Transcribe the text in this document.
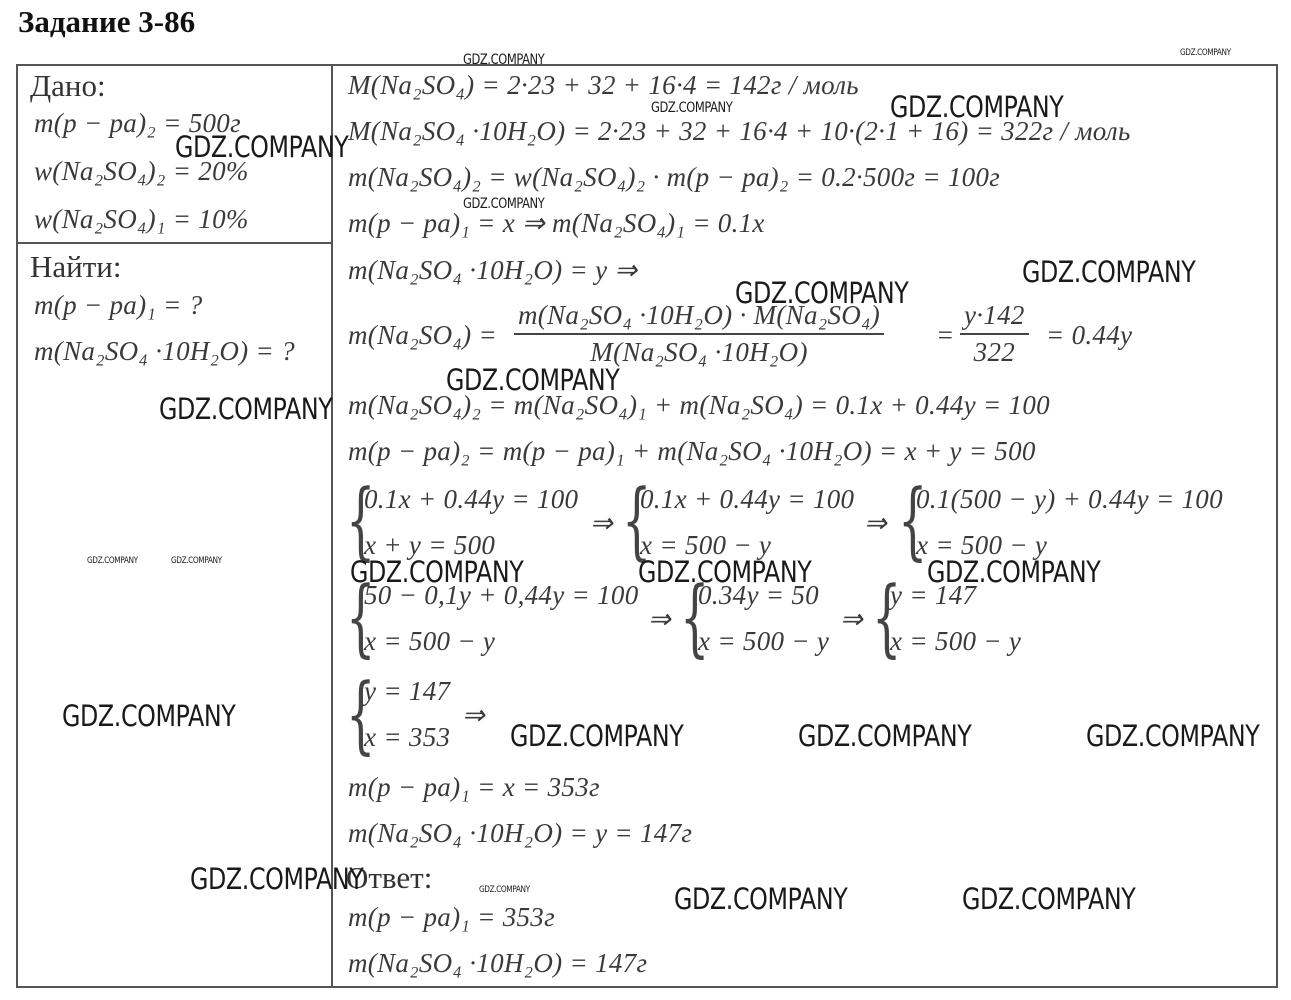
Задание 3-86
Дано:
m(p − pa)₂ = 500г
w(Na₂SO₄)₂ = 20%
w(Na₂SO₄)₁ = 10%
Найти:
m(p − pa)₁ = ?
m(Na₂SO₄ ·10H₂O) = ?
M(Na₂SO₄) = 2·23 + 32 + 16·4 = 142г / моль
M(Na₂SO₄ ·10H₂O) = 2·23 + 32 + 16·4 + 10·(2·1 + 16) = 322г / моль
m(Na₂SO₄)₂ = w(Na₂SO₄)₂ · m(p − pa)₂ = 0.2·500г = 100г
m(p − pa)₁ = x ⇒ m(Na₂SO₄)₁ = 0.1x
m(Na₂SO₄ ·10H₂O) = y ⇒
$m(Na_2SO_4) = \frac{\text{m(Na₂SO₄ ·10H₂O) · M(Na₂SO₄)}}{\text{M(Na₂SO₄ ·10H₂O)}} = \frac{y\cdot 142}{322} = 0.44y$
m(Na₂SO₄)₂ = m(Na₂SO₄)₁ + m(Na₂SO₄) = 0.1x + 0.44y = 100
m(p − pa)₂ = m(p − pa)₁ + m(Na₂SO₄ ·10H₂O) = x + y = 500
{
0.1x + 0.44y = 100
x + y = 500
⇒ {
0.1x + 0.44y = 100
x = 500 − y
⇒ {
0.1(500 − y) + 0.44y = 100
x = 500 − y
{
50 − 0,1y + 0,44y = 100
x = 500 − y
⇒ {
0.34y = 50
x = 500 − y
⇒ {
y = 147
x = 500 − y
{
y = 147
x = 353
⇒
m(p − pa)₁ = x = 353г
m(Na₂SO₄ ·10H₂O) = y = 147г
Ответ:
m(p − pa)₁ = 353г
m(Na₂SO₄ ·10H₂O) = 147г
GDZ.COMPANY	GDZ.COMPANY
GDZ.COMPANY	GDZ.COMPANY
GDZ.COMPANY
GDZ.COMPANY
GDZ.COMPANY
GDZ.COMPANY
GDZ.COMPANY
GDZ.COMPANY
GDZ.COMPANY	GDZ.COMPANY	GDZ.COMPANY	GDZ.COMPANY	GDZ.COMPANY
GDZ.COMPANY
GDZ.COMPANY	GDZ.COMPANY	GDZ.COMPANY
GDZ.COMPANY	GDZ.COMPANY	GDZ.COMPANY	GDZ.COMPANY
